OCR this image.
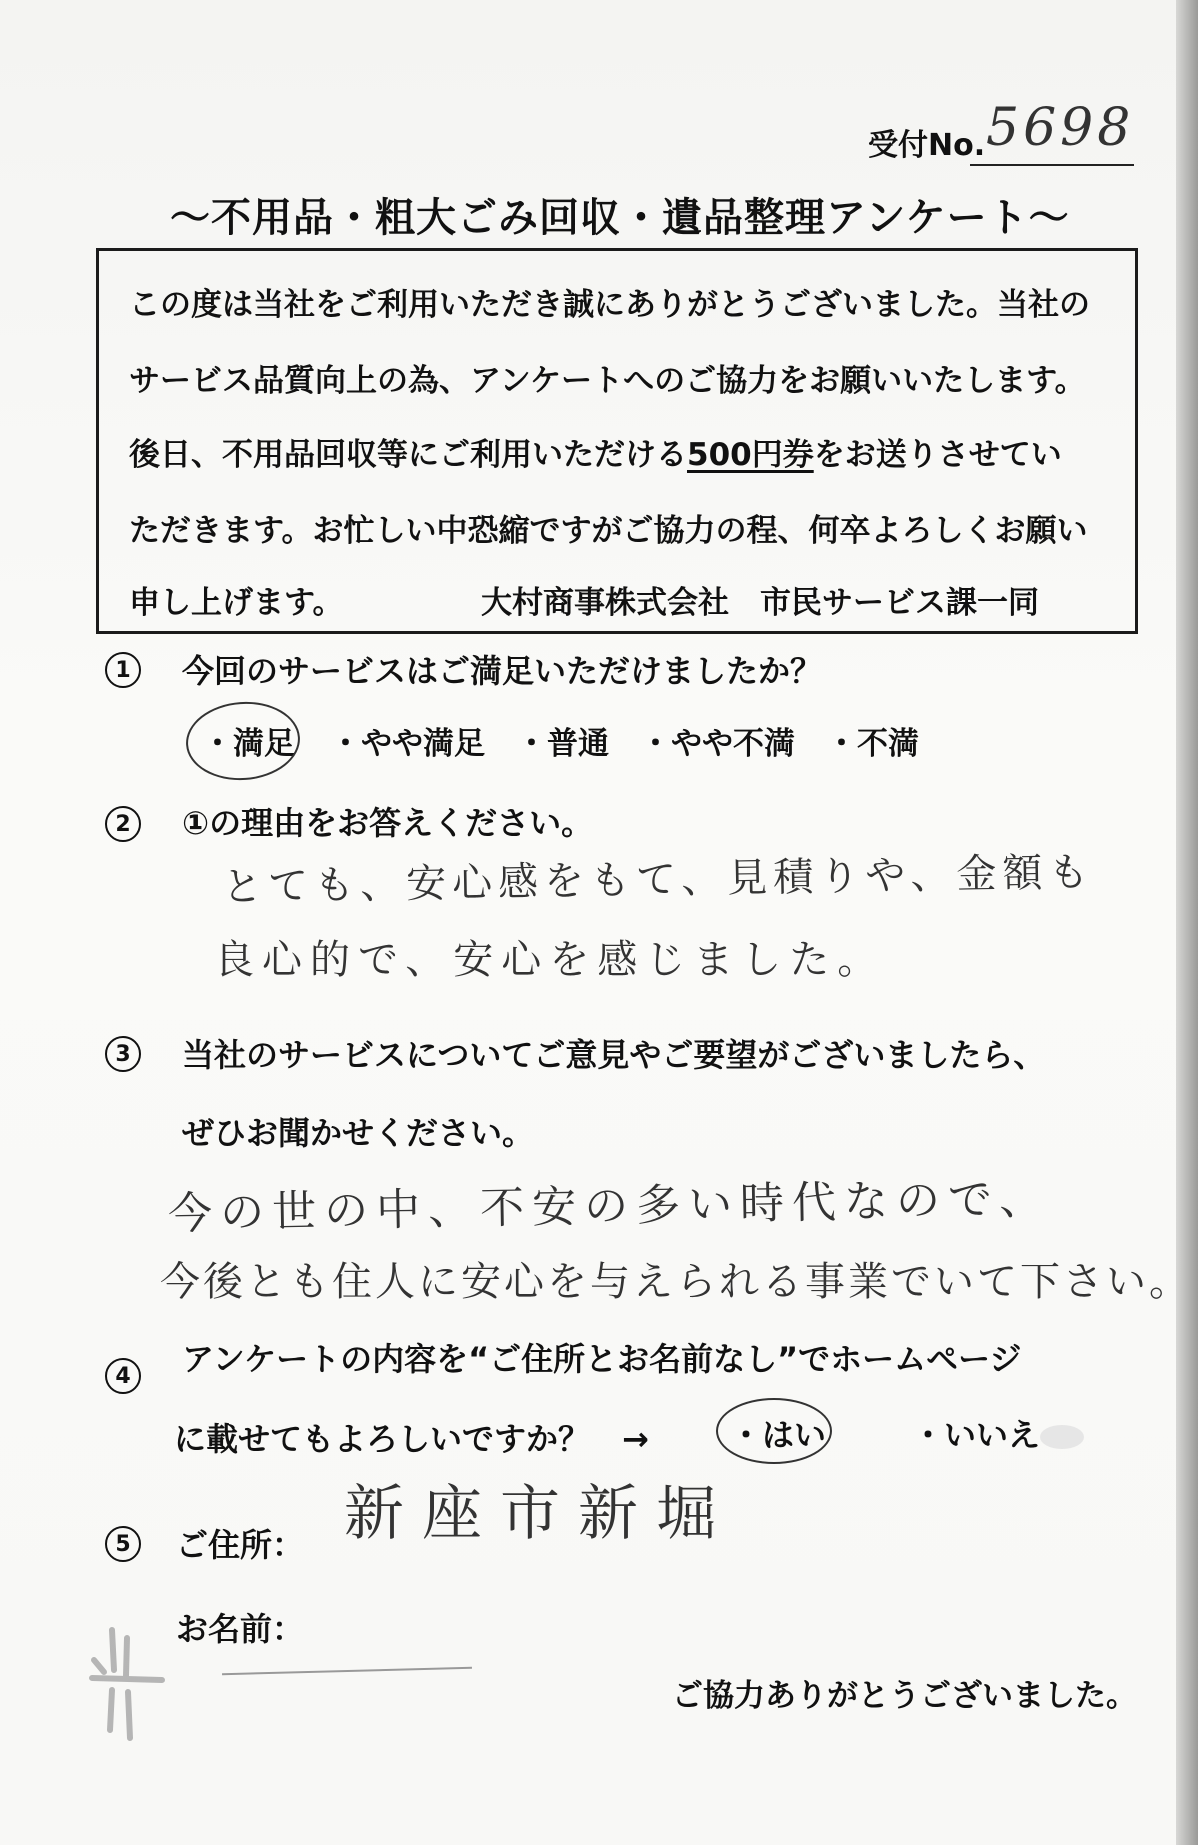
受付No. 5698
～不用品・粗大ごみ回収・遺品整理アンケート～
この度は当社をご利用いただき誠にありがとうございました。当社の
サービス品質向上の為、アンケートへのご協力をお願いいたします。
後日、不用品回収等にご利用いただける500円券をお送りさせてい
ただきます。お忙しい中恐縮ですがご協力の程、何卒よろしくお願い
申し上げます。	大村商事株式会社　市民サービス課一同
1	今回のサービスはご満足いただけましたか？
・満足 ・やや満足 ・普通 ・やや不満 ・不満
2	①の理由をお答えください。
とても、安心感をもて、見積りや、金額も
良心的で、安心を感じました。
3	当社のサービスについてご意見やご要望がございましたら、
ぜひお聞かせください。
今の世の中、不安の多い時代なので、
今後とも住人に安心を与えられる事業でいて下さい。
4	アンケートの内容を“ご住所とお名前なし”でホームページ
に載せてもよろしいですか？　→	・はい	・いいえ
5	ご住所： 新座市新堀
お名前：
ご協力ありがとうございました。
